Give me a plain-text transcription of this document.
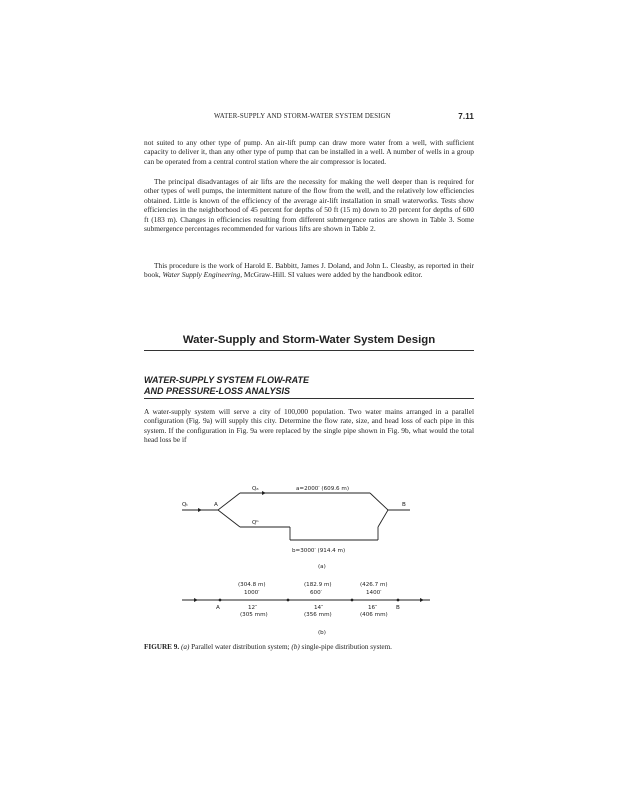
WATER-SUPPLY AND STORM-WATER SYSTEM DESIGN	7.11

not suited to any other type of pump. An air-lift pump can draw more water from a well, with sufficient capacity to deliver it, than any other type of pump that can be installed in a well. A number of wells in a group can be operated from a central control station where the air compressor is located.

The principal disadvantages of air lifts are the necessity for making the well deeper than is required for other types of well pumps, the intermittent nature of the flow from the well, and the relatively low efficiencies obtained. Little is known of the efficiency of the average air-lift installation in small waterworks. Tests show efficiencies in the neighborhood of 45 percent for depths of 50 ft (15 m) down to 20 percent for depths of 600 ft (183 m). Changes in efficiencies resulting from different submergence ratios are shown in Table 3. Some submergence percentages recommended for various lifts are shown in Table 2.

This procedure is the work of Harold E. Babbitt, James J. Doland, and John L. Cleasby, as reported in their book, Water Supply Engineering, McGraw-Hill. SI values were added by the handbook editor.

Water-Supply and Storm-Water System Design
WATER-SUPPLY SYSTEM FLOW-RATE
AND PRESSURE-LOSS ANALYSIS

A water-supply system will serve a city of 100,000 population. Two water mains arranged in a parallel configuration (Fig. 9a) will supply this city. Determine the flow rate, size, and head loss of each pipe in this system. If the configuration in Fig. 9a were replaced by the single pipe shown in Fig. 9b, what would the total head loss be if

Qₜ	A	B
Qₐ
Qᵇ
a=2000′ (609.6 m)
b=3000′ (914.4 m)
(a)
A	B
(304.8 m)
1000′
12″
(305 mm)
(182.9 m)
600′
14″
(356 mm)
(426.7 m)
1400′
16″
(406 mm)
(b)

FIGURE 9. (a) Parallel water distribution system; (b) single-pipe distribution system.
